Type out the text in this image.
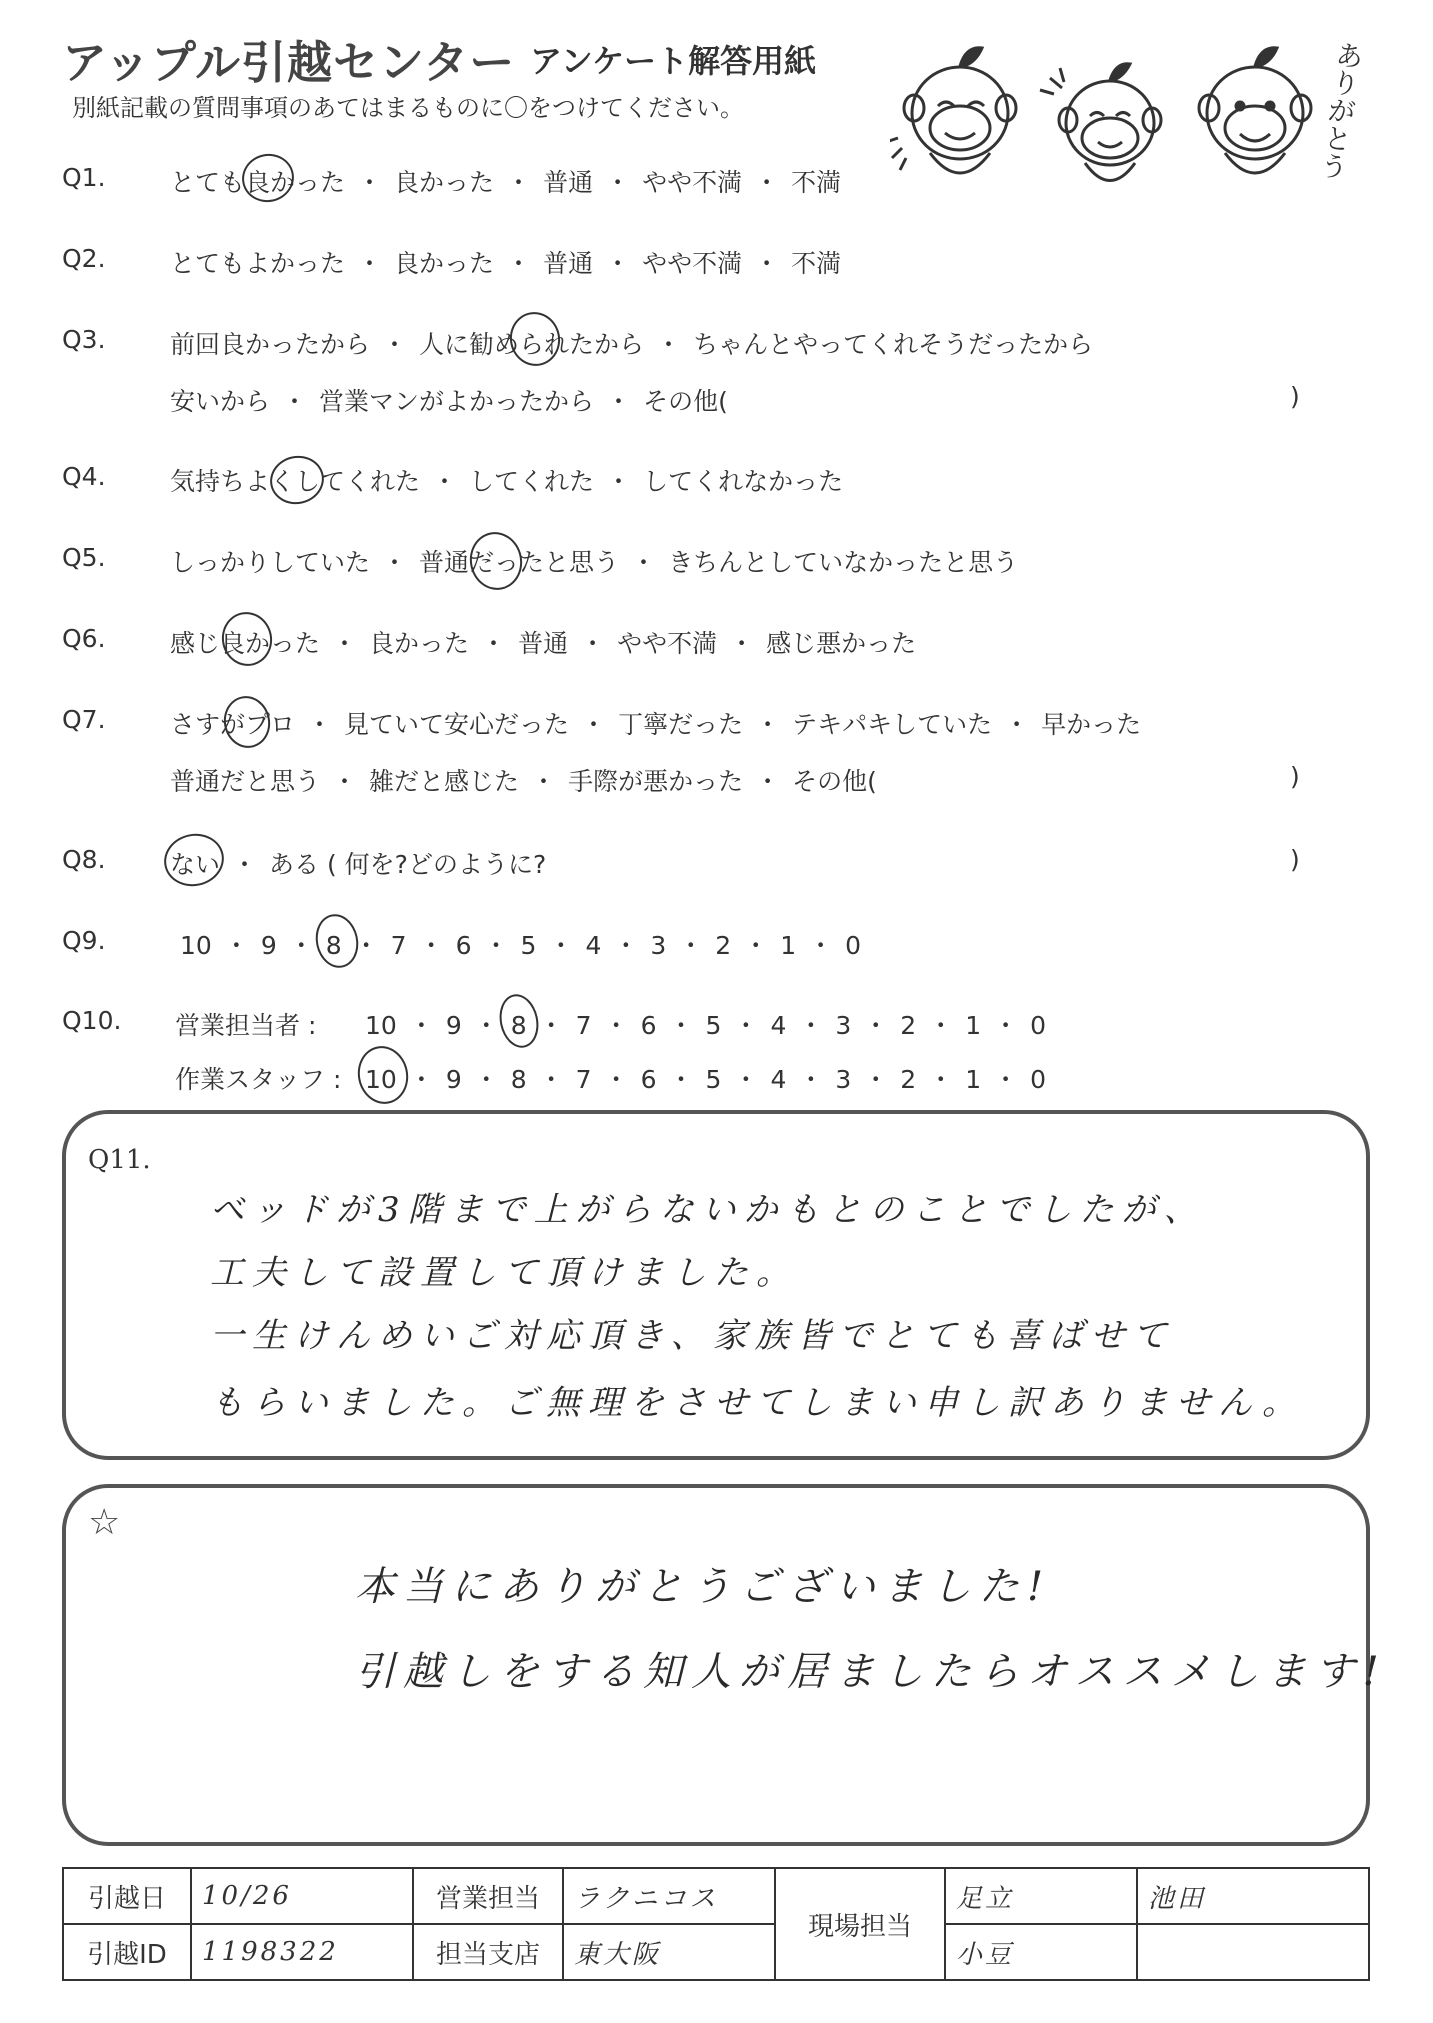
アップル引越センター アンケート解答用紙
別紙記載の質問事項のあてはまるものに〇をつけてください。	ありがとう
Q1.	とても良かった ・ 良かった ・ 普通 ・ やや不満 ・ 不満
Q2.	とてもよかった ・ 良かった ・ 普通 ・ やや不満 ・ 不満
Q3.	前回良かったから ・ 人に勧められたから ・ ちゃんとやってくれそうだったから
安いから ・ 営業マンがよかったから ・ その他(	)
Q4.	気持ちよくしてくれた ・ してくれた ・ してくれなかった
Q5.	しっかりしていた ・ 普通だったと思う ・ きちんとしていなかったと思う
Q6.	感じ良かった ・ 良かった ・ 普通 ・ やや不満 ・ 感じ悪かった
Q7.	さすがプロ ・ 見ていて安心だった ・ 丁寧だった ・ テキパキしていた ・ 早かった
普通だと思う ・ 雑だと感じた ・ 手際が悪かった ・ その他(	)
Q8.	ない ・ ある ( 何を?どのように?	)
Q9.	10 ・ 9 ・ 8 ・ 7 ・ 6 ・ 5 ・ 4 ・ 3 ・ 2 ・ 1 ・ 0
Q10. 営業担当者 : 10 ・ 9 ・ 8 ・ 7 ・ 6 ・ 5 ・ 4 ・ 3 ・ 2 ・ 1 ・ 0
作業スタッフ : 10 ・ 9 ・ 8 ・ 7 ・ 6 ・ 5 ・ 4 ・ 3 ・ 2 ・ 1 ・ 0
Q11.
ベッドが3階まで上がらないかもとのことでしたが、
工夫して設置して頂けました。
一生けんめいご対応頂き、家族皆でとても喜ばせて
もらいました。ご無理をさせてしまい申し訳ありません。
☆
本当にありがとうございました!
引越しをする知人が居ましたらオススメします!
引越日	10/26	営業担当	ラクニコス	現場担当	足立	池田
引越ID	1198322	担当支店	東大阪		小豆	
